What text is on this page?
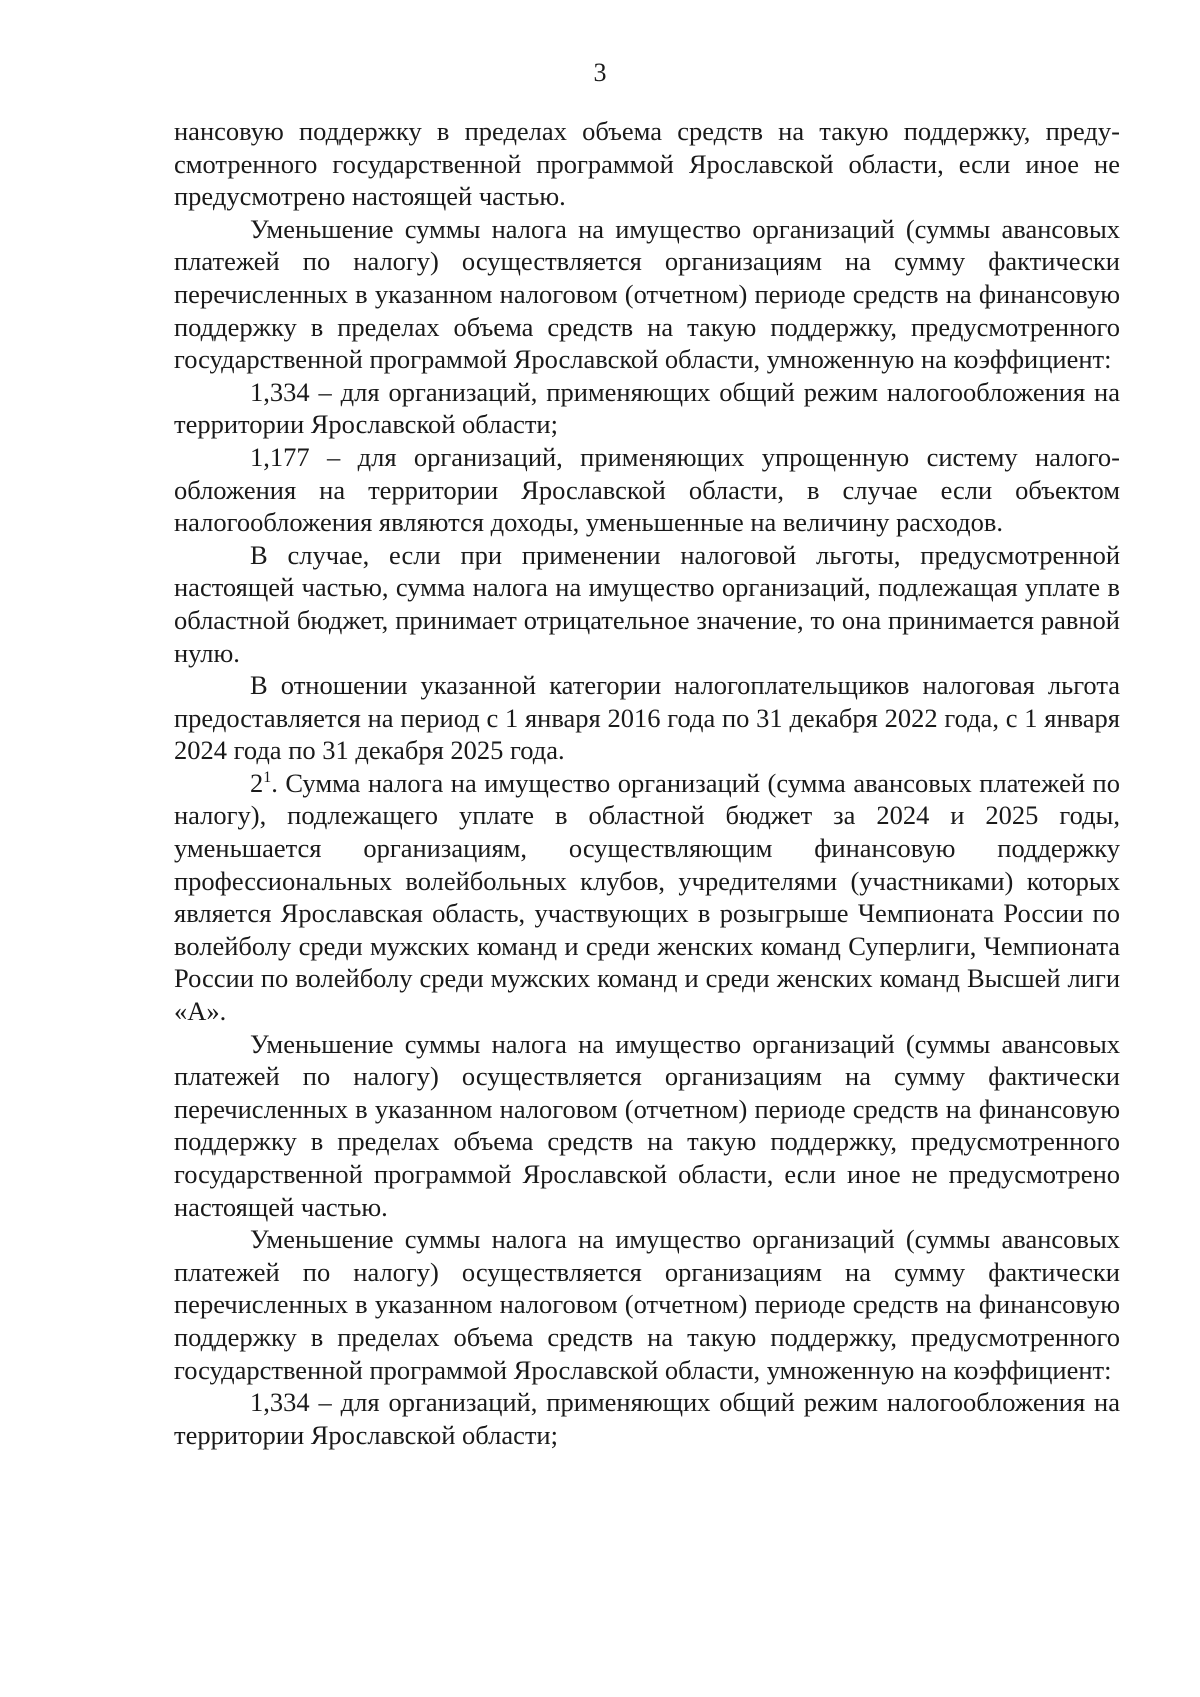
3

нансовую поддержку в пределах объема средств на такую поддержку, предусмотренного государственной программой Ярославской области, если иное не предусмотрено настоящей частью.

Уменьшение суммы налога на имущество организаций (суммы авансовых платежей по налогу) осуществляется организациям на сумму фактически перечисленных в указанном налоговом (отчетном) периоде средств на финансовую поддержку в пределах объема средств на такую поддержку, предусмотренного государственной программой Ярославской области, умноженную на коэффициент:

1,334 – для организаций, применяющих общий режим налогообложения на территории Ярославской области;

1,177 – для организаций, применяющих упрощенную систему налогообложения на территории Ярославской области, в случае если объектом налогообложения являются доходы, уменьшенные на величину расходов.

В случае, если при применении налоговой льготы, предусмотренной настоящей частью, сумма налога на имущество организаций, подлежащая уплате в областной бюджет, принимает отрицательное значение, то она принимается равной нулю.

В отношении указанной категории налогоплательщиков налоговая льгота предоставляется на период с 1 января 2016 года по 31 декабря 2022 года, с 1 января 2024 года по 31 декабря 2025 года.

$2^1$. Сумма налога на имущество организаций (сумма авансовых платежей по налогу), подлежащего уплате в областной бюджет за 2024 и 2025 годы, уменьшается организациям, осуществляющим финансовую поддержку профессиональных волейбольных клубов, учредителями (участниками) которых является Ярославская область, участвующих в розыгрыше Чемпионата России по волейболу среди мужских команд и среди женских команд Суперлиги, Чемпионата России по волейболу среди мужских команд и среди женских команд Высшей лиги «А».

Уменьшение суммы налога на имущество организаций (суммы авансовых платежей по налогу) осуществляется организациям на сумму фактически перечисленных в указанном налоговом (отчетном) периоде средств на финансовую поддержку в пределах объема средств на такую поддержку, предусмотренного государственной программой Ярославской области, если иное не предусмотрено настоящей частью.

Уменьшение суммы налога на имущество организаций (суммы авансовых платежей по налогу) осуществляется организациям на сумму фактически перечисленных в указанном налоговом (отчетном) периоде средств на финансовую поддержку в пределах объема средств на такую поддержку, предусмотренного государственной программой Ярославской области, умноженную на коэффициент:

1,334 – для организаций, применяющих общий режим налогообложения на территории Ярославской области;
